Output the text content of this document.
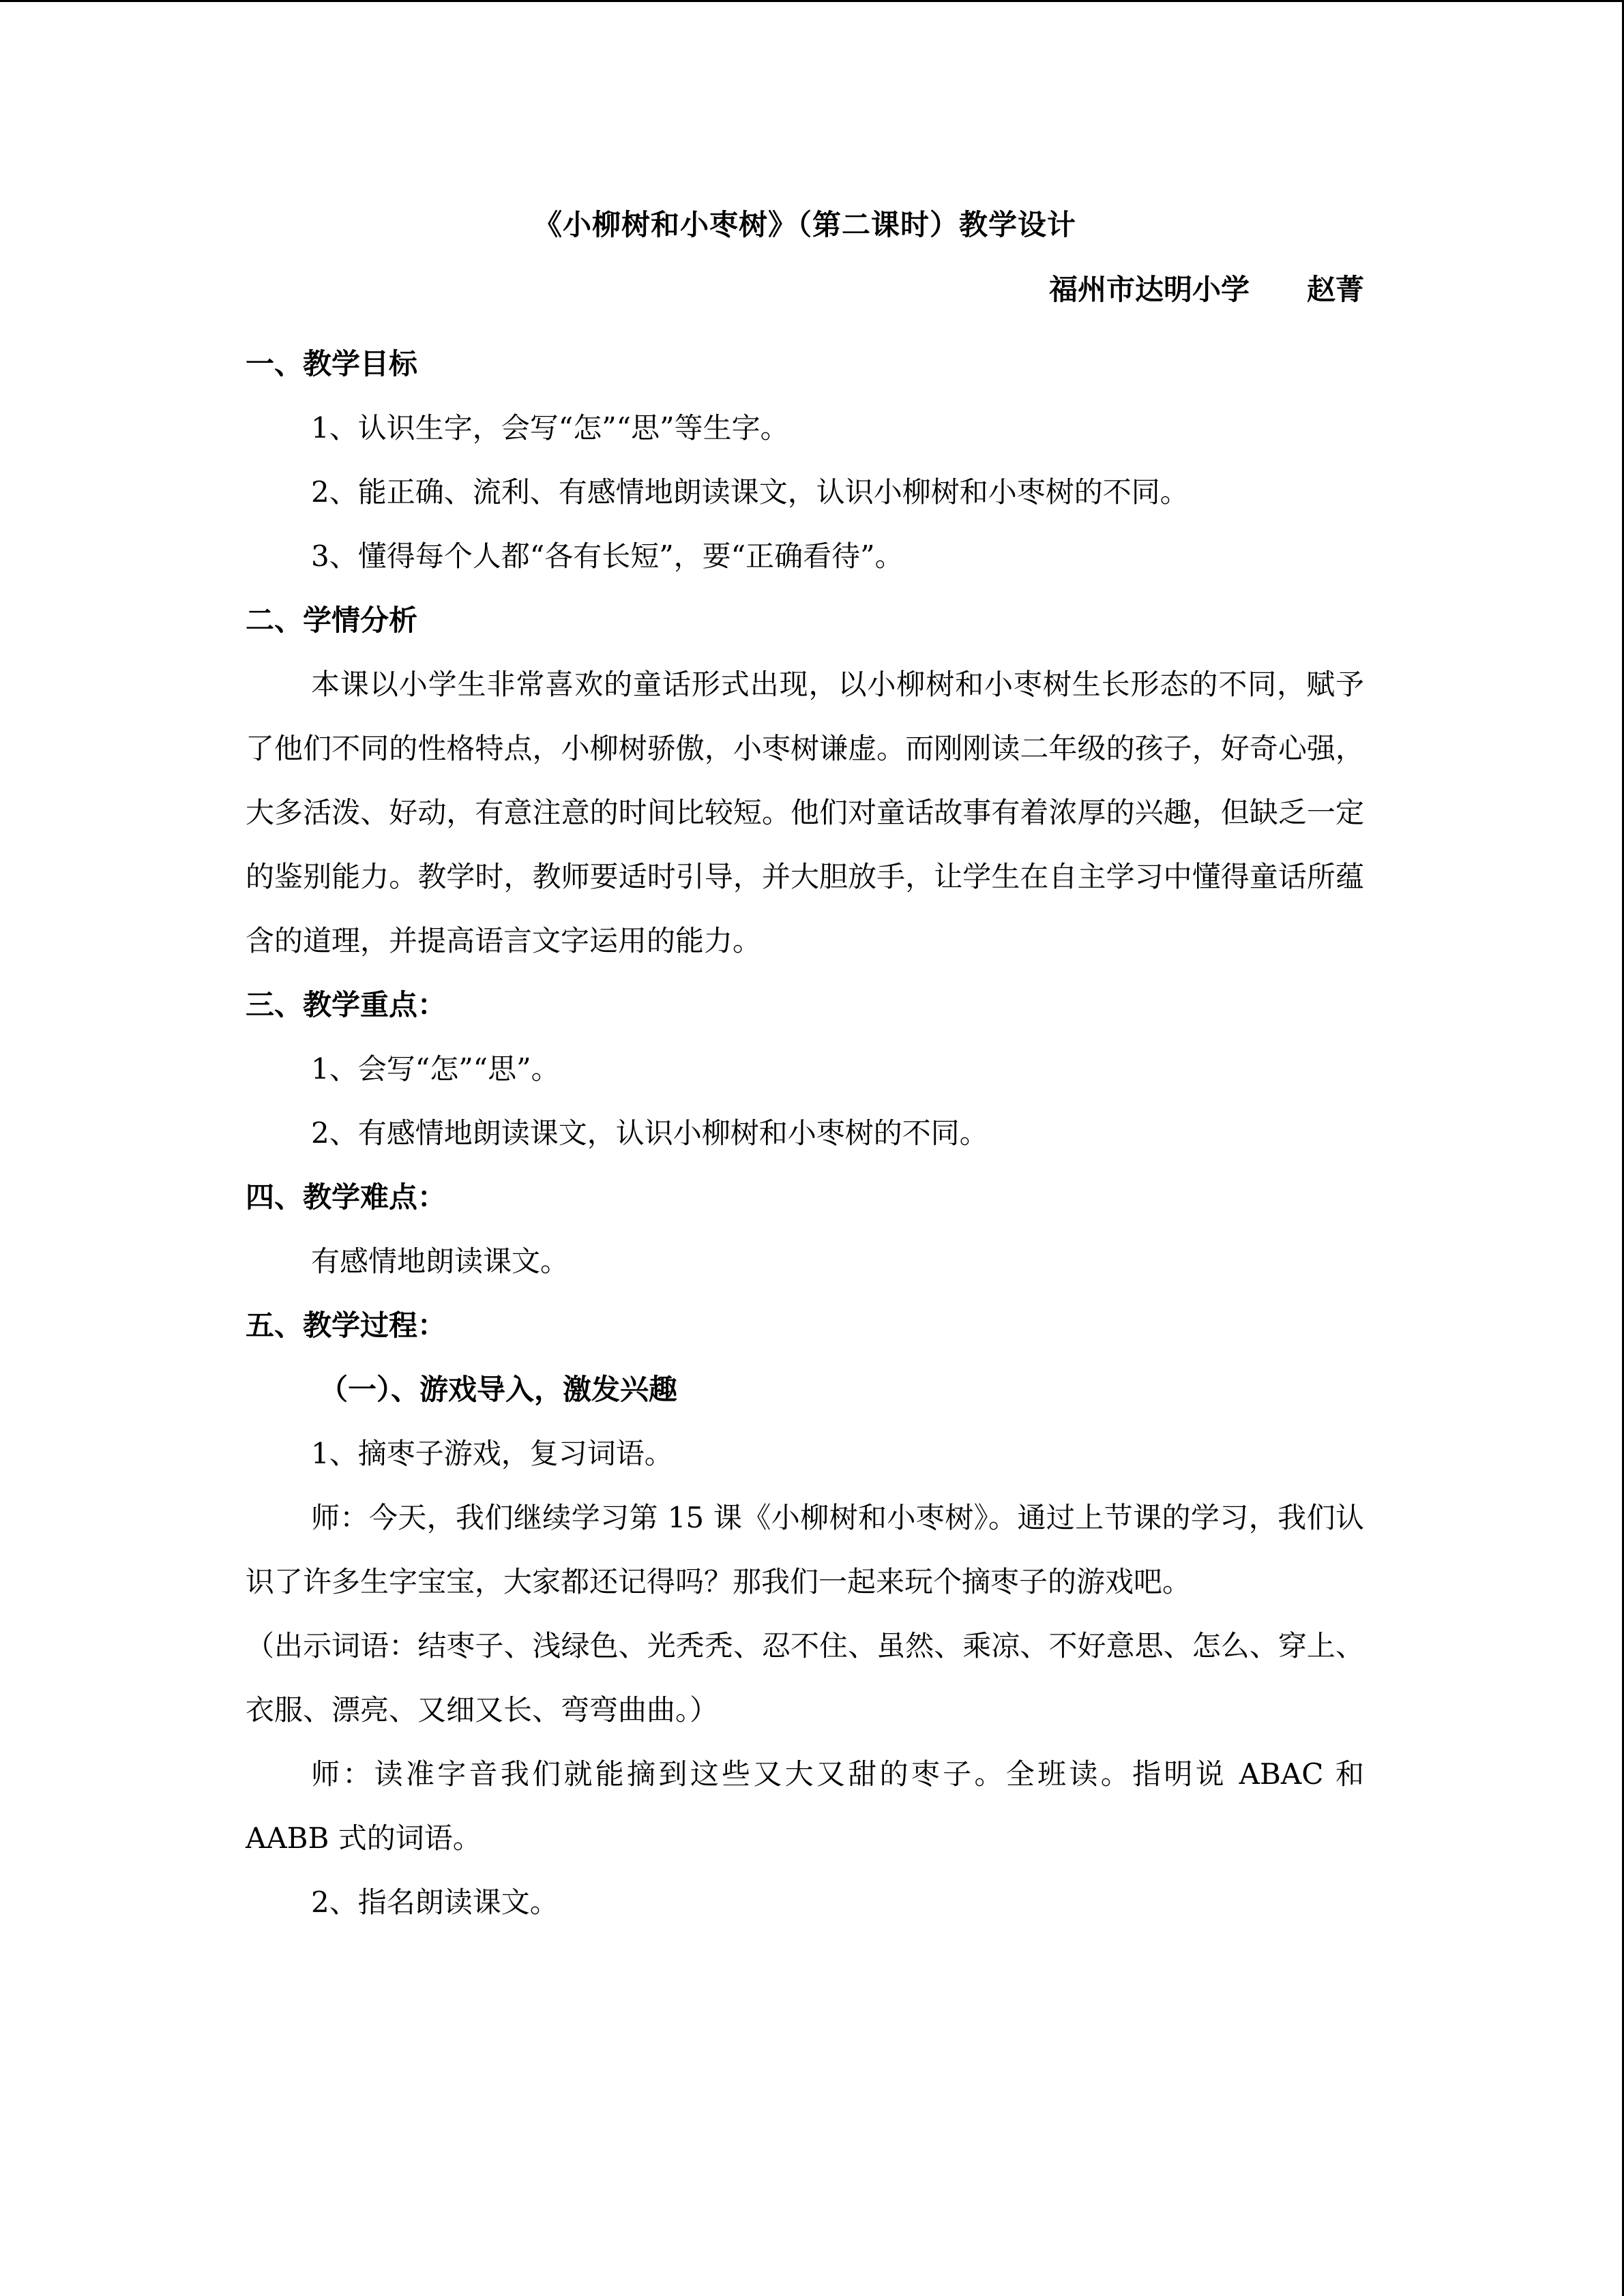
《小柳树和小枣树》（第二课时）教学设计
福州市达明小学　　赵菁
一、教学目标
1、认识生字，会写“怎”“思”等生字。
2、能正确、流利、有感情地朗读课文，认识小柳树和小枣树的不同。
3、懂得每个人都“各有长短”，要“正确看待”。
二、学情分析

本课以小学生非常喜欢的童话形式出现，以小柳树和小枣树生长形态的不同，赋予了他们不同的性格特点，小柳树骄傲，小枣树谦虚。而刚刚读二年级的孩子，好奇心强，大多活泼、好动，有意注意的时间比较短。他们对童话故事有着浓厚的兴趣，但缺乏一定的鉴别能力。教学时，教师要适时引导，并大胆放手，让学生在自主学习中懂得童话所蕴含的道理，并提高语言文字运用的能力。

三、教学重点：
1、会写“怎”“思”。
2、有感情地朗读课文，认识小柳树和小枣树的不同。
四、教学难点：
有感情地朗读课文。
五、教学过程：
（一）、游戏导入，激发兴趣
1、摘枣子游戏，复习词语。

师：今天，我们继续学习第 15 课《小柳树和小枣树》。通过上节课的学习，我们认识了许多生字宝宝，大家都还记得吗？那我们一起来玩个摘枣子的游戏吧。

（出示词语：结枣子、浅绿色、光秃秃、忍不住、虽然、乘凉、不好意思、怎么、穿上、衣服、漂亮、又细又长、弯弯曲曲。）

师：读准字音我们就能摘到这些又大又甜的枣子。全班读。指明说 ABAC 和 AABB 式的词语。

2、指名朗读课文。
